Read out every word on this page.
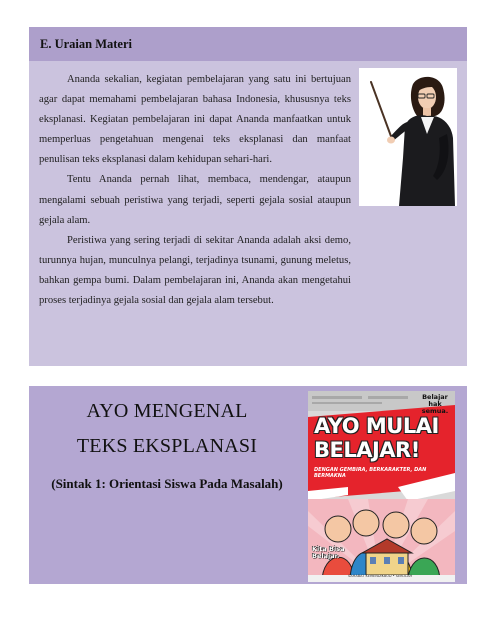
E. Uraian Materi

Ananda sekalian, kegiatan pembelajaran yang satu ini bertujuan agar dapat memahami pembelajaran bahasa Indonesia, khususnya teks eksplanasi. Kegiatan pembelajaran ini dapat Ananda manfaatkan untuk memperluas pengetahuan mengenai teks eksplanasi dan manfaat penulisan teks eksplanasi dalam kehidupan sehari-hari.

Tentu Ananda pernah lihat, membaca, mendengar, ataupun mengalami sebuah peristiwa yang terjadi, seperti gejala sosial ataupun gejala alam.

Peristiwa yang sering terjadi di sekitar Ananda adalah aksi demo, turunnya hujan, munculnya pelangi, terjadinya tsunami, gunung meletus, bahkan gempa bumi. Dalam pembelajaran ini, Ananda akan mengetahui proses terjadinya gejala sosial dan gejala alam tersebut.

AYO MENGENAL
TEKS EKSPLANASI
(Sintak 1: Orientasi Siswa Pada Masalah)
Belajar hak semua.
AYO MULAI
BELAJAR!
DENGAN GEMBIRA, BERKARAKTER, DAN BERMAKNA
Kita Bisa Belajar.
SAHABAT KEMENDIKBUD • SEKOLAH
